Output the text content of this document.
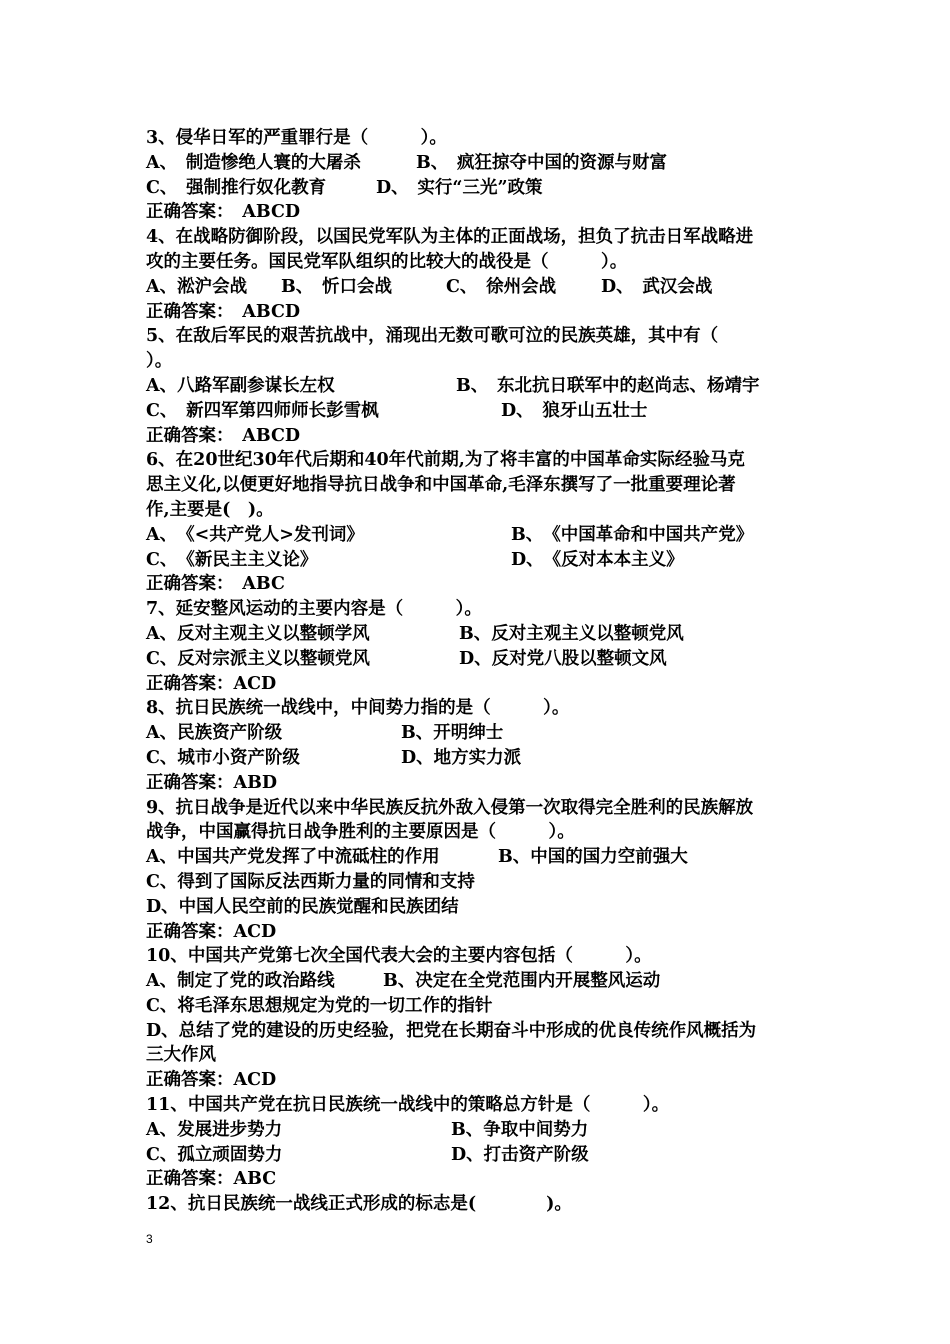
3、侵华日军的严重罪行是（　　　）。
A、　制造惨绝人寰的大屠杀	B、　疯狂掠夺中国的资源与财富
C、　强制推行奴化教育	D、　实行“三光”政策
正确答案：　ABCD
4、在战略防御阶段，以国民党军队为主体的正面战场，担负了抗击日军战略进
攻的主要任务。国民党军队组织的比较大的战役是（　　　）。
A、淞沪会战 B、　忻口会战	C、　徐州会战	D、　武汉会战
正确答案：　ABCD
5、在敌后军民的艰苦抗战中，涌现出无数可歌可泣的民族英雄，其中有（
）。
A、八路军副参谋长左权	B、　东北抗日联军中的赵尚志、杨靖宇
C、　新四军第四师师长彭雪枫	D、　狼牙山五壮士
正确答案：　ABCD
6、在20世纪30年代后期和40年代前期,为了将丰富的中国革命实际经验马克
思主义化,以便更好地指导抗日战争和中国革命,毛泽东撰写了一批重要理论著
作,主要是(　)。
A、　《<共产党人>发刊词》	B、　《中国革命和中国共产党》
C、　《新民主主义论》	D、　《反对本本主义》
正确答案：　ABC
7、延安整风运动的主要内容是（　　　）。
A、反对主观主义以整顿学风	B、反对主观主义以整顿党风
C、反对宗派主义以整顿党风	D、反对党八股以整顿文风
正确答案：ACD
8、抗日民族统一战线中，中间势力指的是（　　　）。
A、民族资产阶级	B、开明绅士
C、城市小资产阶级	D、地方实力派
正确答案：ABD
9、抗日战争是近代以来中华民族反抗外敌入侵第一次取得完全胜利的民族解放
战争，中国赢得抗日战争胜利的主要原因是（　　　）。
A、中国共产党发挥了中流砥柱的作用	B、中国的国力空前强大
C、得到了国际反法西斯力量的同情和支持
D、中国人民空前的民族觉醒和民族团结
正确答案：ACD
10、中国共产党第七次全国代表大会的主要内容包括（　　　）。
A、制定了党的政治路线	B、决定在全党范围内开展整风运动
C、将毛泽东思想规定为党的一切工作的指针
D、总结了党的建设的历史经验，把党在长期奋斗中形成的优良传统作风概括为
三大作风
正确答案：ACD
11、中国共产党在抗日民族统一战线中的策略总方针是（　　　）。
A、发展进步势力	B、争取中间势力
C、孤立顽固势力	D、打击资产阶级
正确答案：ABC
12、抗日民族统一战线正式形成的标志是(　　　　)。
3
